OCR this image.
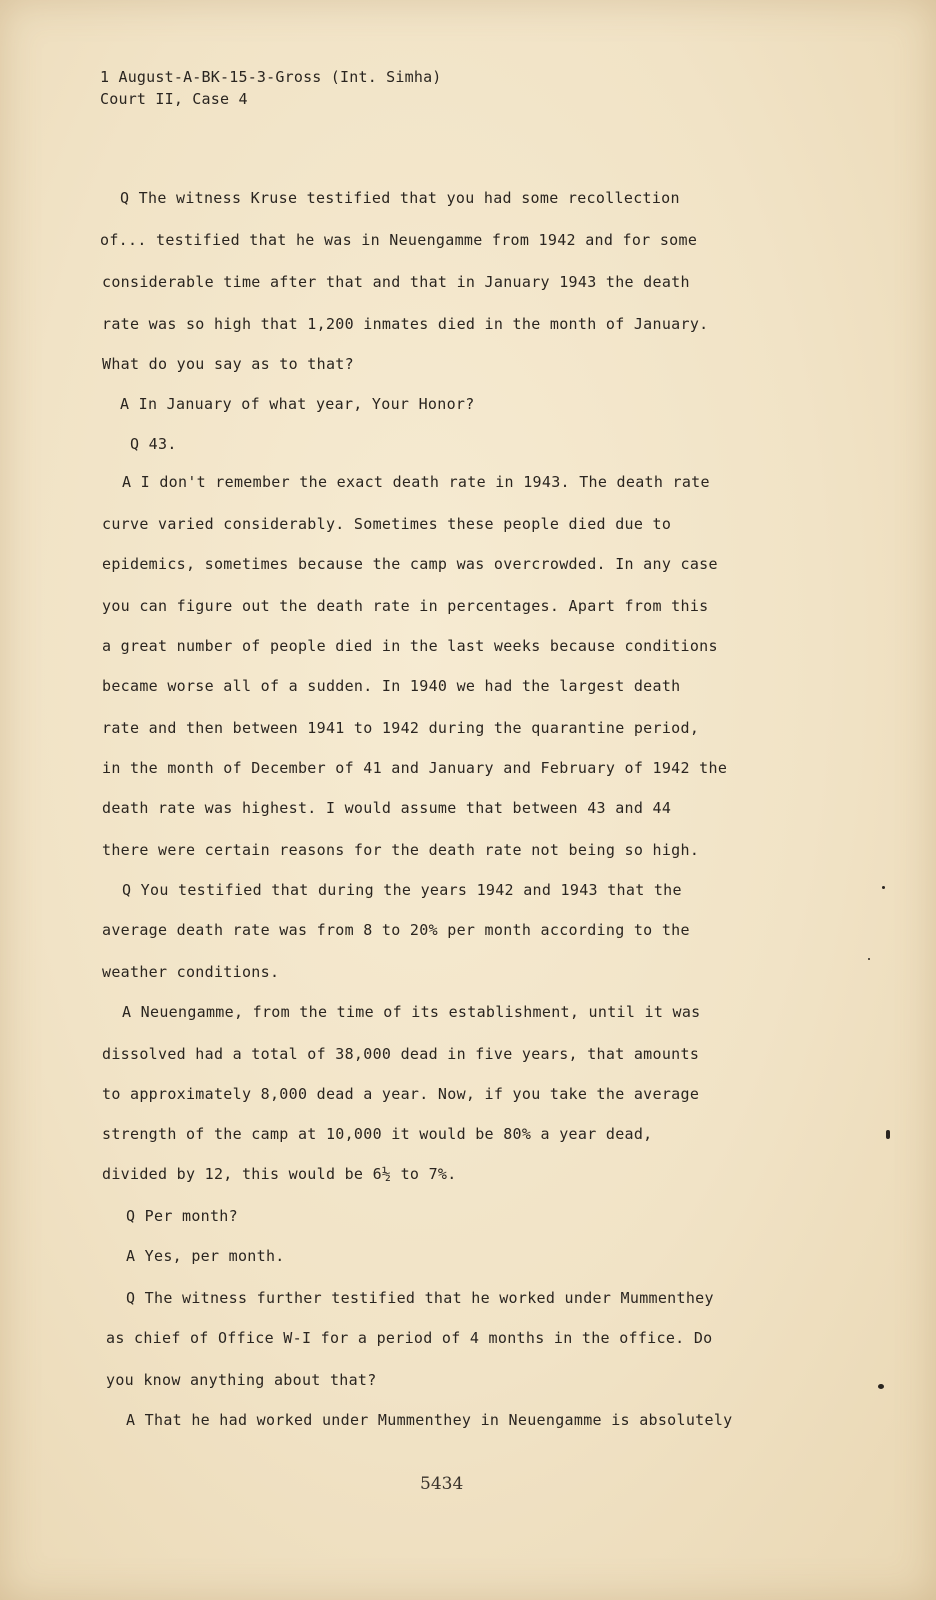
1 August-A-BK-15-3-Gross (Int. Simha)
Court II, Case 4
Q The witness Kruse testified that you had some recollection
of... testified that he was in Neuengamme from 1942 and for some
considerable time after that and that in January 1943 the death
rate was so high that 1,200 inmates died in the month of January.
What do you say as to that?
A In January of what year, Your Honor?
Q 43.
A I don't remember the exact death rate in 1943. The death rate
curve varied considerably. Sometimes these people died due to
epidemics, sometimes because the camp was overcrowded. In any case
you can figure out the death rate in percentages. Apart from this
a great number of people died in the last weeks because conditions
became worse all of a sudden. In 1940 we had the largest death
rate and then between 1941 to 1942 during the quarantine period,
in the month of December of 41 and January and February of 1942 the
death rate was highest. I would assume that between 43 and 44
there were certain reasons for the death rate not being so high.
Q You testified that during the years 1942 and 1943 that the
average death rate was from 8 to 20% per month according to the
weather conditions.
A Neuengamme, from the time of its establishment, until it was
dissolved had a total of 38,000 dead in five years, that amounts
to approximately 8,000 dead a year. Now, if you take the average
strength of the camp at 10,000 it would be 80% a year dead,
divided by 12, this would be 6½ to 7%.
Q Per month?
A Yes, per month.
Q The witness further testified that he worked under Mummenthey
as chief of Office W-I for a period of 4 months in the office. Do
you know anything about that?
A That he had worked under Mummenthey in Neuengamme is absolutely
5434
